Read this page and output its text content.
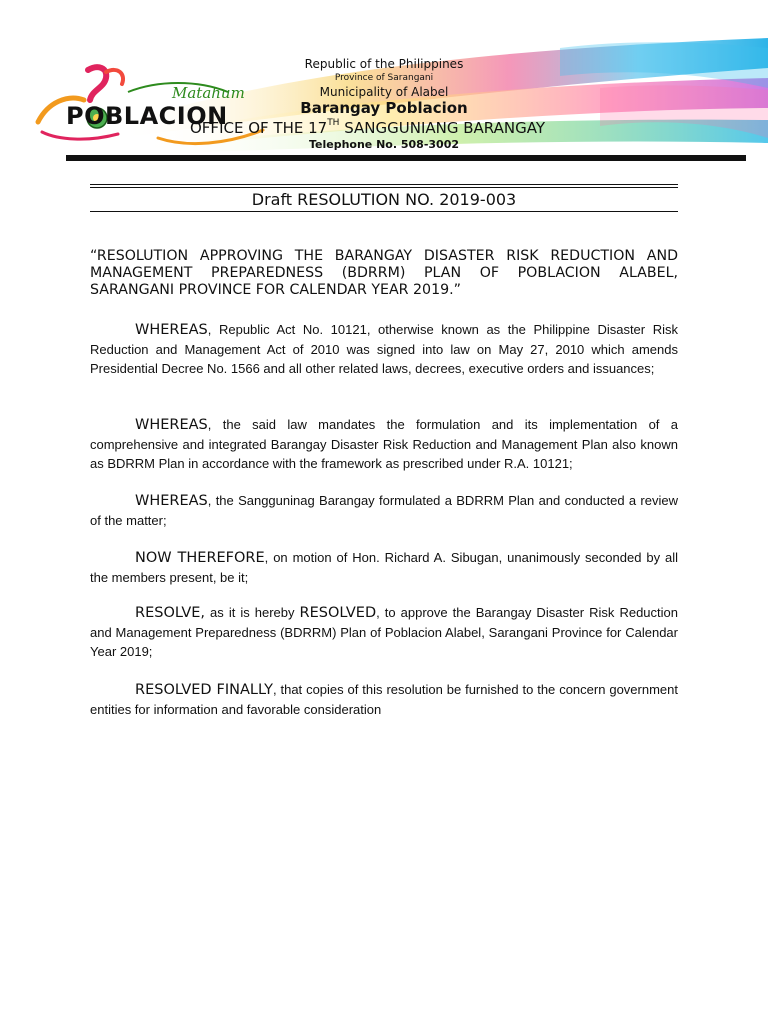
Matahum
POBLACION
Republic of the Philippines
Province of Sarangani
Municipality of Alabel
Barangay Poblacion
OFFICE OF THE 17TH SANGGUNIANG BARANGAY
Telephone No. 508-3002
Draft RESOLUTION NO. 2019-003
“RESOLUTION APPROVING THE BARANGAY DISASTER RISK REDUCTION AND MANAGEMENT PREPAREDNESS (BDRRM) PLAN OF POBLACION ALABEL, SARANGANI PROVINCE FOR CALENDAR YEAR 2019.”
WHEREAS, Republic Act No. 10121, otherwise known as the Philippine Disaster Risk Reduction and Management Act of 2010 was signed into law on May 27, 2010 which amends Presidential Decree No. 1566 and all other related laws, decrees, executive orders and issuances;
WHEREAS, the said law mandates the formulation and its implementation of a comprehensive and integrated Barangay Disaster Risk Reduction and Management Plan also known as BDRRM Plan in accordance with the framework as prescribed under R.A. 10121;
WHEREAS, the Sangguninag Barangay formulated a BDRRM Plan and conducted a review of the matter;
NOW THEREFORE, on motion of Hon. Richard A. Sibugan, unanimously seconded by all the members present, be it;
RESOLVE, as it is hereby RESOLVED, to approve the Barangay Disaster Risk Reduction and Management Preparedness (BDRRM) Plan of Poblacion Alabel, Sarangani Province for Calendar Year 2019;
RESOLVED FINALLY, that copies of this resolution be furnished to the concern government entities for information and favorable consideration
